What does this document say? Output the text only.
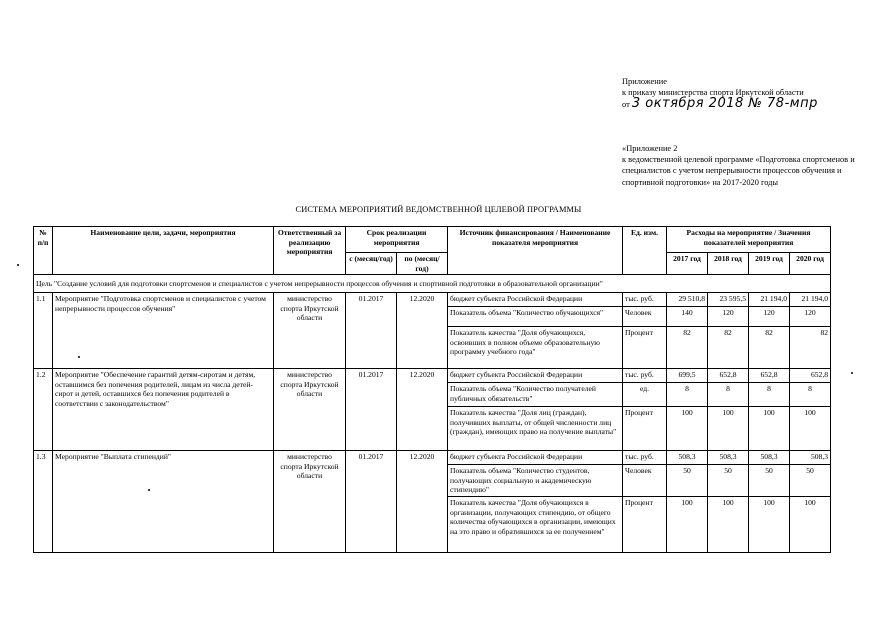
Приложение
к приказу министерства спорта Иркутской области
от 3 октября 2018 № 78-мпр
«Приложение 2
к ведомственной целевой программе «Подготовка спортсменов и специалистов с учетом непрерывности процессов обучения и спортивной подготовки» на 2017-2020 годы
СИСТЕМА МЕРОПРИЯТИЙ ВЕДОМСТВЕННОЙ ЦЕЛЕВОЙ ПРОГРАММЫ
№ п/п	Наименование цели, задачи, мероприятия	Ответственный за реализацию мероприятия	Срок реализации мероприятия		Источник финансирования / Наименование показателя мероприятия	Ед. изм.	Расходы на мероприятие / Значения показателей мероприятия			
			с (месяц/год)	по (месяц/год)			2017 год	2018 год	2019 год	2020 год
Цель "Создание условий для подготовки спортсменов и специалистов с учетом непрерывности процессов обучения и спортивной подготовки в образовательной организации"										
1.1	Мероприятие "Подготовка спортсменов и специалистов с учетом непрерывности процессов обучения"	министерство спорта Иркутской области	01.2017	12.2020	бюджет субъекта Российской Федерации	тыс. руб.	29 510,8	23 595,5	21 194,0	21 194,0
					Показатель объема "Количество обучающихся"	Человек	140	120	120	120
					Показатель качества "Доля обучающихся, освоивших в полном объеме образовательную программу учебного года"	Процент	82	82	82	82
1.2	Мероприятие "Обеспечение гарантий детям-сиротам и детям, оставшимся без попечения родителей, лицам из числа детей-сирот и детей, оставшихся без попечения родителей в соответствии с законодательством"	министерство спорта Иркутской области	01.2017	12.2020	бюджет субъекта Российской Федерации	тыс. руб.	699,5	652,8	652,8	652,8
					Показатель объема "Количество получателей публичных обязательств"	ед.	8	8	8	8
					Показатель качества "Доля лиц (граждан), получивших выплаты, от общей численности лиц (граждан), имеющих право на получение выплаты"	Процент	100	100	100	100
1.3	Мероприятие "Выплата стипендий"	министерство спорта Иркутской области	01.2017	12.2020	бюджет субъекта Российской Федерации	тыс. руб.	508,3	508,3	508,3	508,3
					Показатель объема "Количество студентов, получающих социальную и академическую стипендию"	Человек	50	50	50	50
					Показатель качества "Доля обучающихся в организации, получающих стипендию, от общего количества обучающихся в организации, имеющих на это право и обратившихся за ее получением"	Процент	100	100	100	100
